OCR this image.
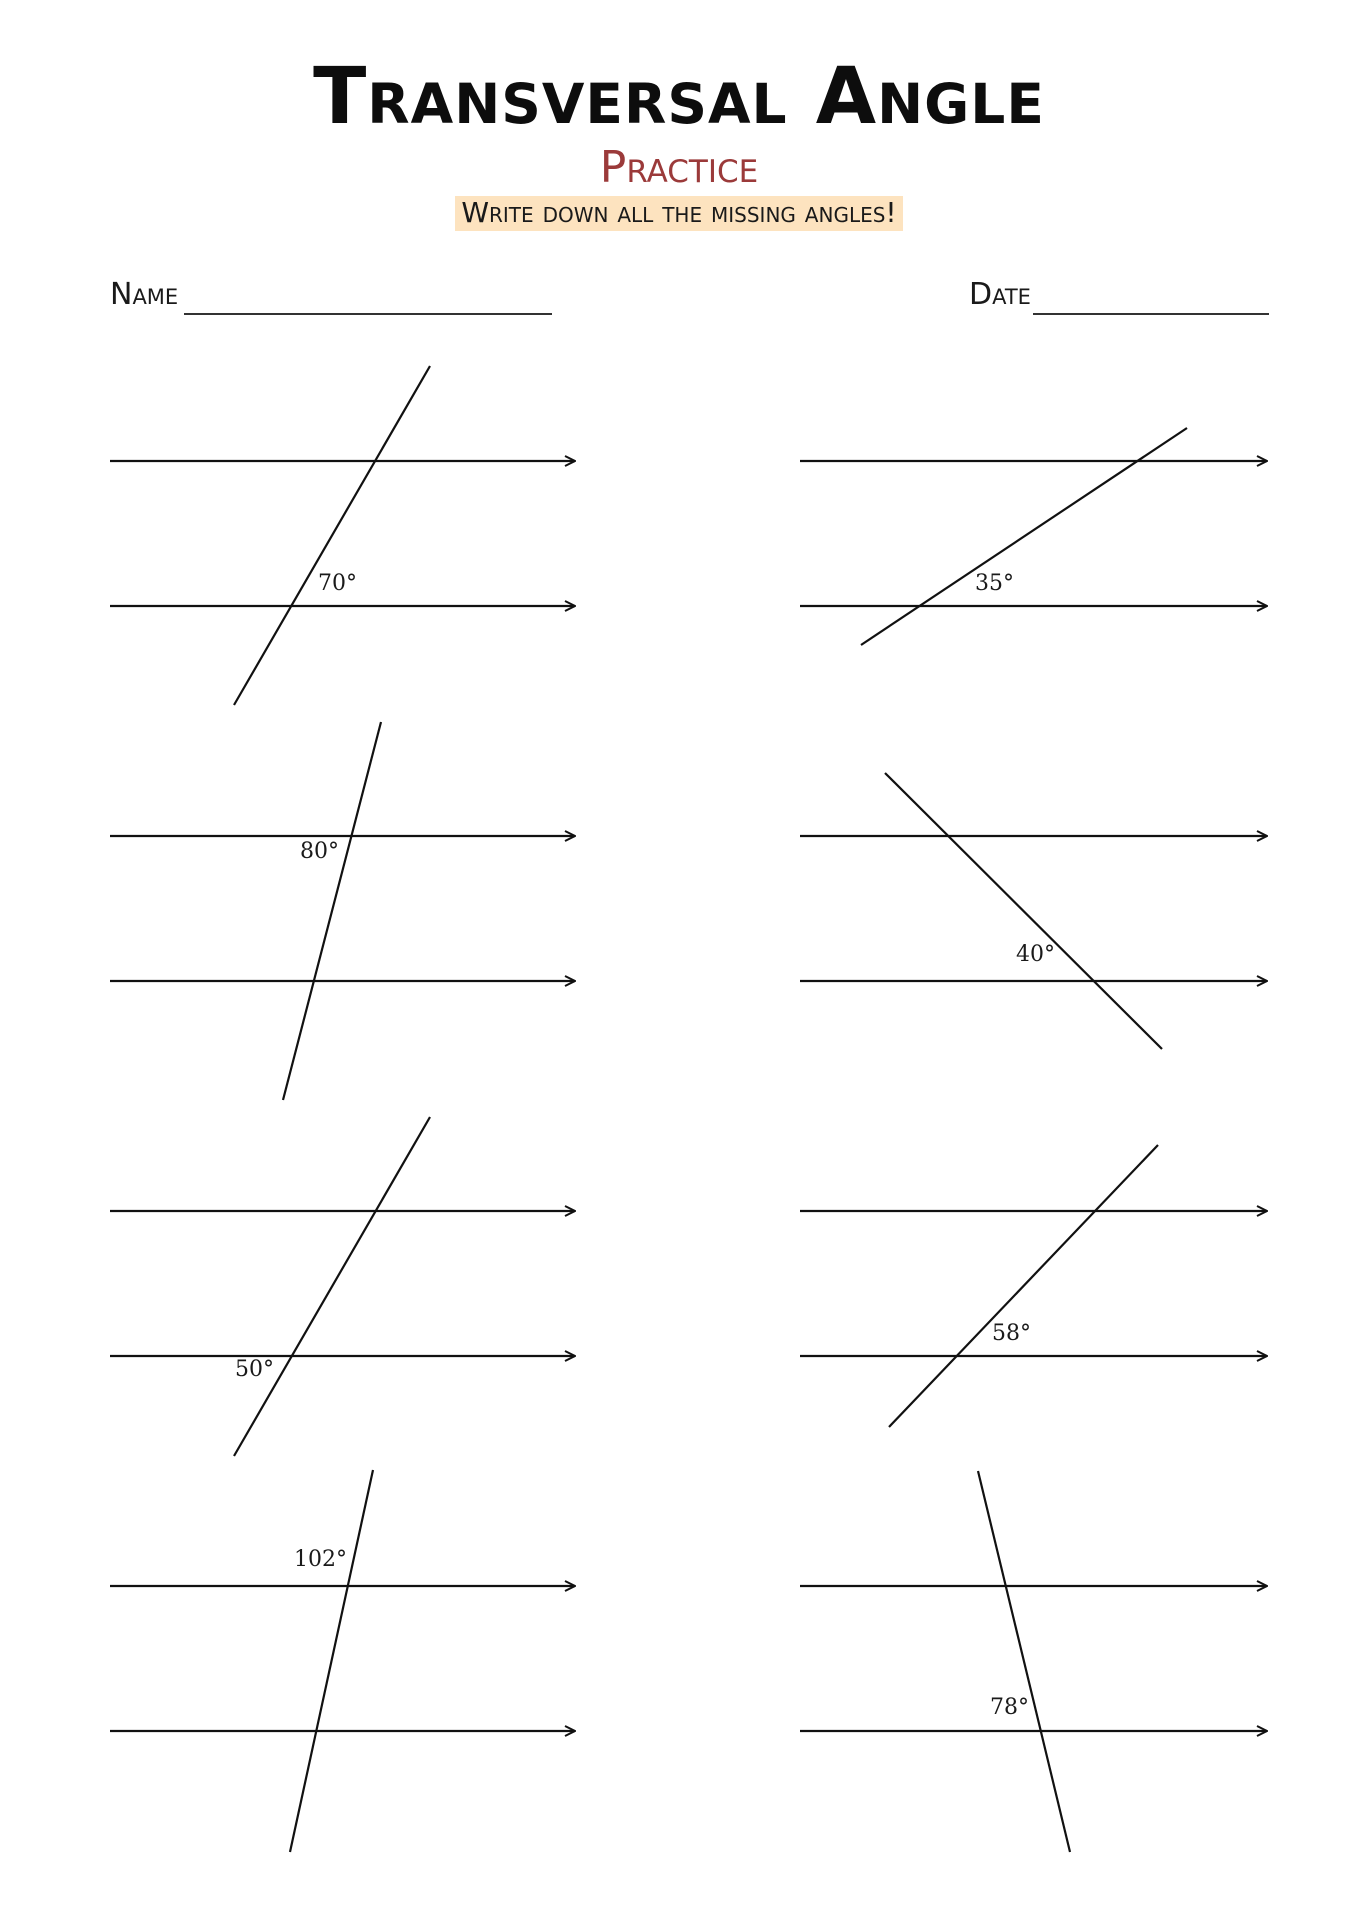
Transversal Angle
Practice
Write down all the missing angles!
Name	Date
70°	35°
80°
40°
50°
58°
102°
78°
